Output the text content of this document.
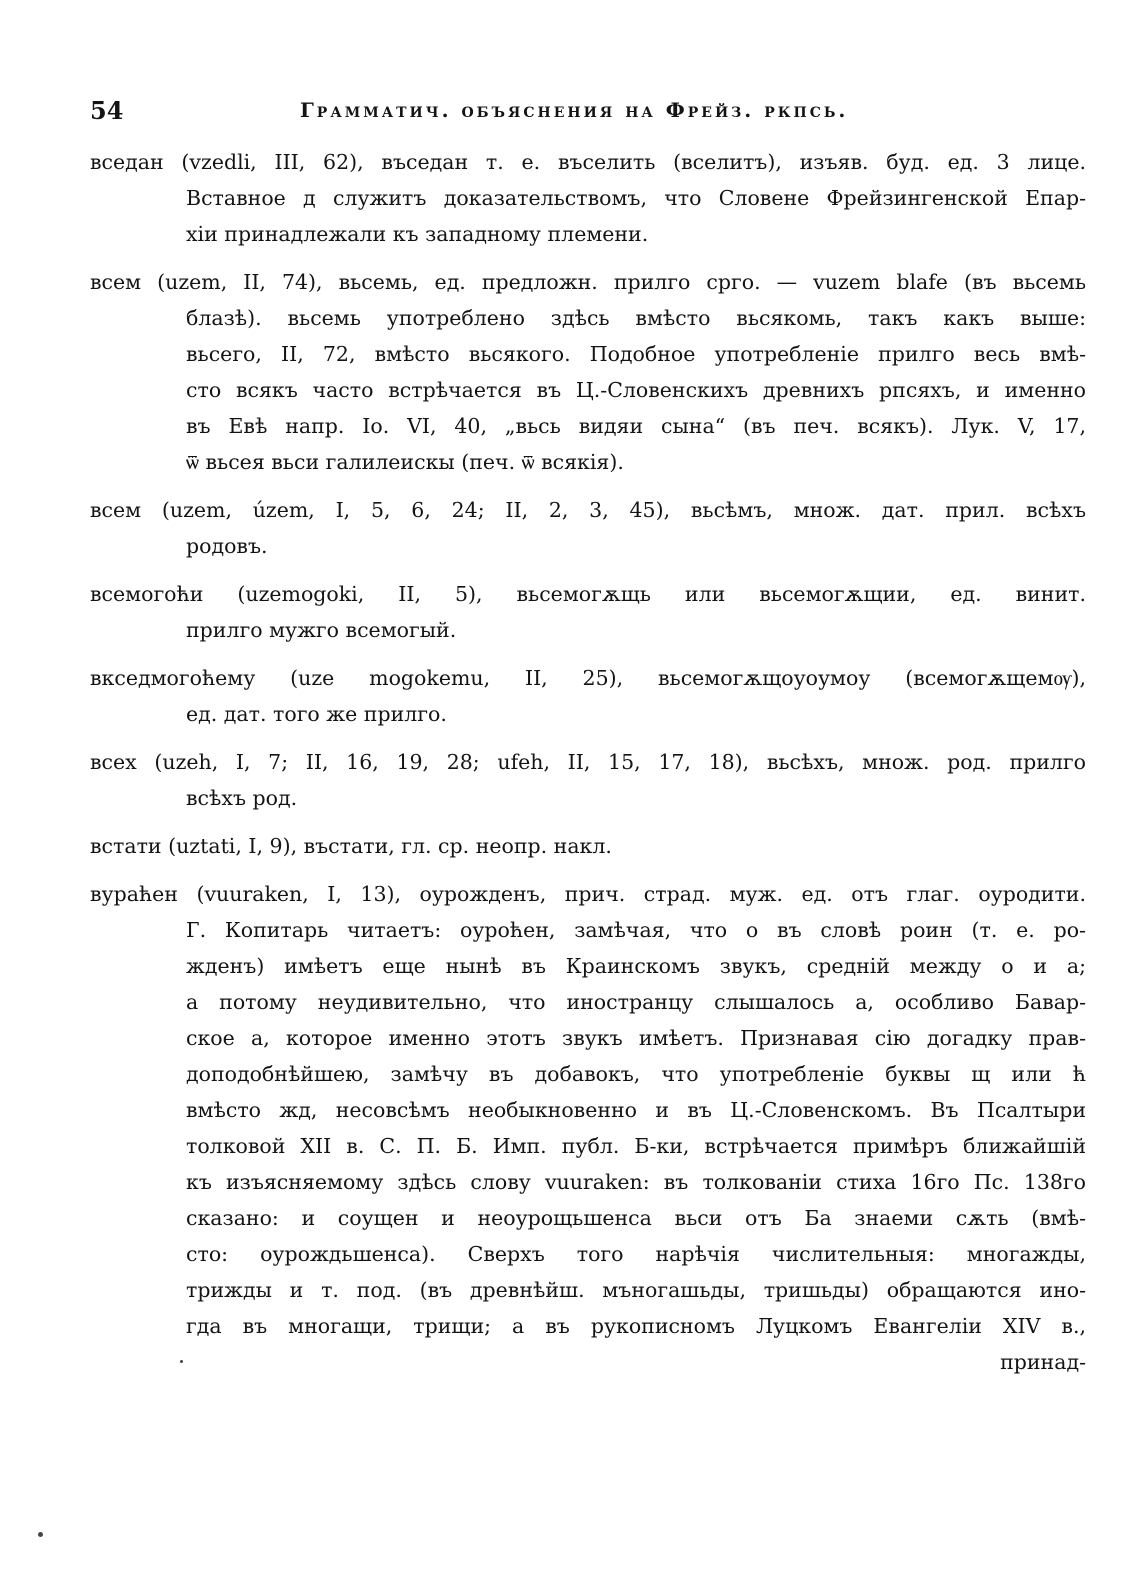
54	Грамматич. объяснения на Фрейз. ркпсь.
вседан (vzedli, III, 62), въседан т. е. въселить (вселитъ), изъяв. буд. ед. 3 лице.
Вставное д служитъ доказательствомъ, что Словене Фрейзингенской Епар-
хіи принадлежали къ западному племени.
всем (uzem, II, 74), вьсемь, ед. предложн. прилго срго. — vuzem blafe (въ вьсемь
блазѣ). вьсемь употреблено здѣсь вмѣсто вьсякомь, такъ какъ выше:
вьсего, II, 72, вмѣсто вьсякого. Подобное употребленіе прилго весь вмѣ-
сто всякъ часто встрѣчается въ Ц.-Словенскихъ древнихъ рпсяхъ, и именно
въ Евѣ напр. Іо. VI, 40, „вьсь видяи сына“ (въ печ. всякъ). Лук. V, 17,
ѿ вьсея вьси галилеискы (печ. ѿ всякія).
всем (uzem, územ, I, 5, 6, 24; II, 2, 3, 45), вьсѣмъ, множ. дат. прил. всѣхъ
родовъ.
всемогоћи (uzemogoki, II, 5), вьсемогѫщь или вьсемогѫщии, ед. винит.
прилго мужго всемогый.
вкседмогоћему (uze mogokemu, II, 25), вьсемогѫщоуоумоу (всемогѫщемѹ),
ед. дат. того же прилго.
всех (uzeh, I, 7; II, 16, 19, 28; ufeh, II, 15, 17, 18), вьсѣхъ, множ. род. прилго
всѣхъ род.
встати (uztati, I, 9), въстати, гл. ср. неопр. накл.
вураћен (vuuraken, I, 13), оурожденъ, прич. страд. муж. ед. отъ глаг. оуродити.
Г. Копитарь читаетъ: оуроћен, замѣчая, что о въ словѣ роин (т. е. ро-
жденъ) имѣетъ еще нынѣ въ Краинскомъ звукъ, среднiй между о и а;
а потому неудивительно, что иностранцу слышалось а, особливо Бавар-
ское а, которое именно этотъ звукъ имѣетъ. Признавая сію догадку прав-
доподобнѣйшею, замѣчу въ добавокъ, что употребленіе буквы щ или ћ
вмѣсто жд, несовсѣмъ необыкновенно и въ Ц.-Словенскомъ. Въ Псалтыри
толковой XII в. С. П. Б. Имп. публ. Б-ки, встрѣчается примѣръ ближайшій
къ изъясняемому здѣсь слову vuuraken: въ толкованіи стиха 16го Пс. 138го
сказано: и соущен и неоурощьшенса вьси отъ Ба знаеми сѫть (вмѣ-
сто: оурождьшенса). Сверхъ того нарѣчія числительныя: многажды,
трижды и т. под. (въ древнѣйш. мъногашьды, тришьды) обращаются ино-
гда въ многащи, трищи; а въ рукописномъ Луцкомъ Евангеліи XIV в.,
принад-
